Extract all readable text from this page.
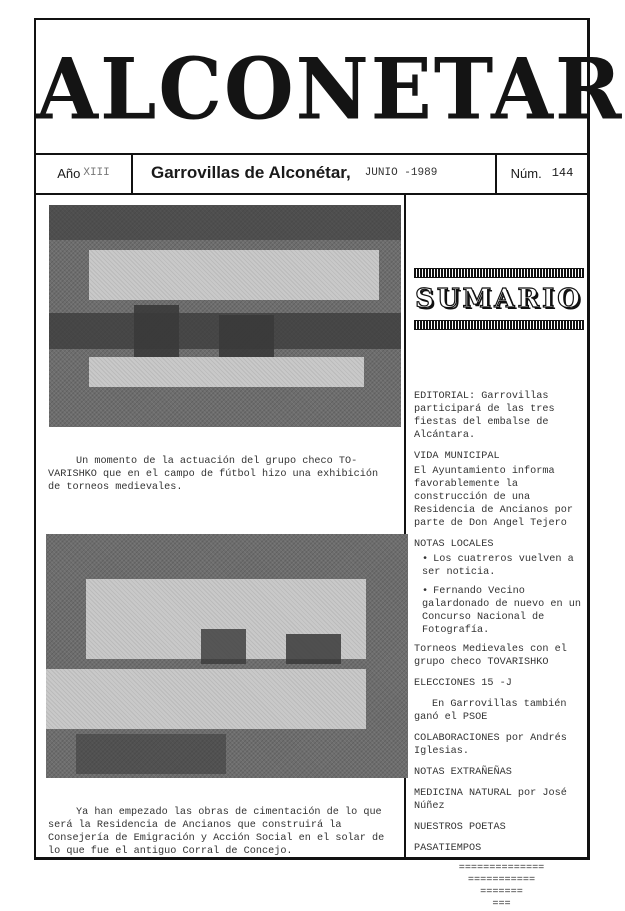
ALCONETAR
Año XIII Garrovillas de Alconétar, JUNIO -1989	Núm. 144
Un momento de la actuación del grupo checo TO-VARISHKO que en el campo de fútbol hizo una exhibición de torneos medievales.
Ya han empezado las obras de cimentación de lo que será la Residencia de Ancianos que construirá la Consejería de Emigración y Acción Social en el solar de lo que fue el antiguo Corral de Concejo.
SUMARIO

EDITORIAL: Garrovillas participará de las tres fiestas del embalse de Alcántara.

VIDA MUNICIPAL

El Ayuntamiento informa favorablemente la construcción de una Residencia de Ancianos por parte de Don Angel Tejero

NOTAS LOCALES

• Los cuatreros vuelven a ser noticia.

• Fernando Vecino galardonado de nuevo en un Concurso Nacional de Fotografía.

Torneos Medievales con el grupo checo TOVARISHKO

ELECCIONES 15 -J

En Garrovillas también ganó el PSOE

COLABORACIONES por Andrés Iglesias.

NOTAS EXTRAÑEÑAS

MEDICINA NATURAL por José Núñez

NUESTROS POETAS

PASATIEMPOS

==============
===========
=======
===
